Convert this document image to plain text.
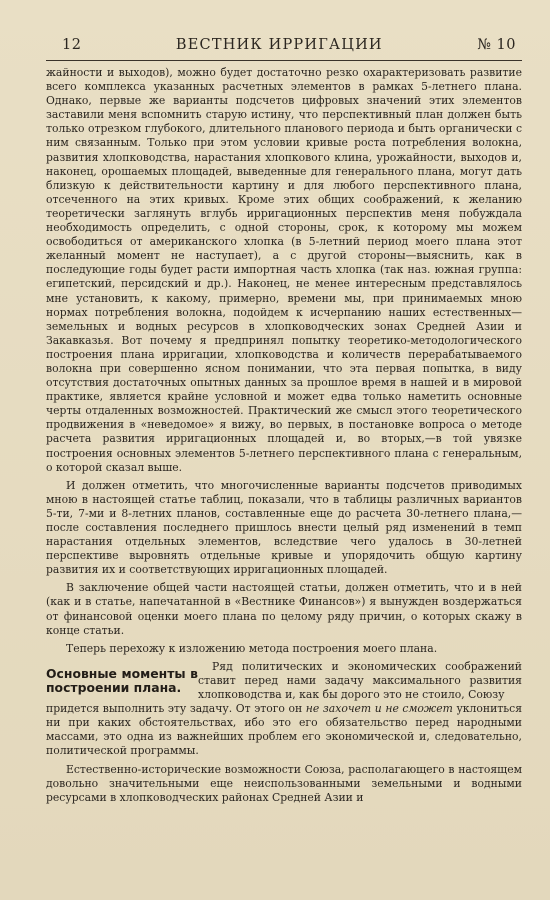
12	ВЕСТНИК ИРРИГАЦИИ	№ 10

жайности и выходов), можно будет достаточно резко охарактеризовать развитие всего комплекса указанных расчетных элементов в рамках 5-летнего плана. Однако, первые же варианты подсчетов цифровых значений этих элементов заставили меня вспомнить старую истину, что перспективный план должен быть только отрезком глубокого, длительного планового периода и быть органически с ним связанным. Только при этом условии кривые роста потребления волокна, развития хлопководства, нарастания хлопкового клина, урожайности, выходов и, наконец, орошаемых площадей, выведенные для генерального плана, могут дать близкую к действительности картину и для любого перспективного плана, отсеченного на этих кривых. Кроме этих общих соображений, к желанию теоретически заглянуть вглубь ирригационных перспектив меня побуждала необходимость определить, с одной стороны, срок, к которому мы можем освободиться от американского хлопка (в 5-летний период моего плана этот желанный момент не наступает), а с другой стороны—выяснить, как в последующие годы будет расти импортная часть хлопка (так наз. южная группа: египетский, персидский и др.). Наконец, не менее интересным представлялось мне установить, к какому, примерно, времени мы, при принимаемых мною нормах потребления волокна, подойдем к исчерпанию наших естественных—земельных и водных ресурсов в хлопководческих зонах Средней Азии и Закавказья. Вот почему я предпринял попытку теоретико-методологического построения плана ирригации, хлопководства и количеств перерабатываемого волокна при совершенно ясном понимании, что эта первая попытка, в виду отсутствия достаточных опытных данных за прошлое время в нашей и в мировой практике, является крайне условной и может едва только наметить основные черты отдаленных возможностей. Практический же смысл этого теоретического продвижения в «неведомое» я вижу, во первых, в постановке вопроса о методе расчета развития ирригационных площадей и, во вторых,—в той увязке построения основных элементов 5-летнего перспективного плана с генеральным, о которой сказал выше.

И должен отметить, что многочисленные варианты подсчетов приводимых мною в настоящей статье таблиц, показали, что в таблицы различных вариантов 5-ти, 7-ми и 8-летних планов, составленные еще до расчета 30-летнего плана,—после составления последнего пришлось внести целый ряд изменений в темп нарастания отдельных элементов, вследствие чего удалось в 30-летней перспективе выровнять отдельные кривые и упорядочить общую картину развития их и соответствующих ирригационных площадей.

В заключение общей части настоящей статьи, должен отметить, что и в ней (как и в статье, напечатанной в «Вестнике Финансов») я вынужден воздержаться от финансовой оценки моего плана по целому ряду причин, о которых скажу в конце статьи.

Теперь перехожу к изложению метода построения моего плана.

Основные моменты в построении плана.
Ряд политических и экономических соображений ставит перед нами задачу максимального развития хлопководства и, как бы дорого это не стоило, Союзу

придется выполнить эту задачу. От этого он не захочет и не сможет уклониться ни при каких обстоятельствах, ибо это его обязательство перед народными массами, это одна из важнейших проблем его экономической и, следовательно, политической программы.

Естественно-исторические возможности Союза, располагающего в настоящем довольно значительными еще неиспользованными земельными и водными ресурсами в хлопководческих районах Средней Азии и
